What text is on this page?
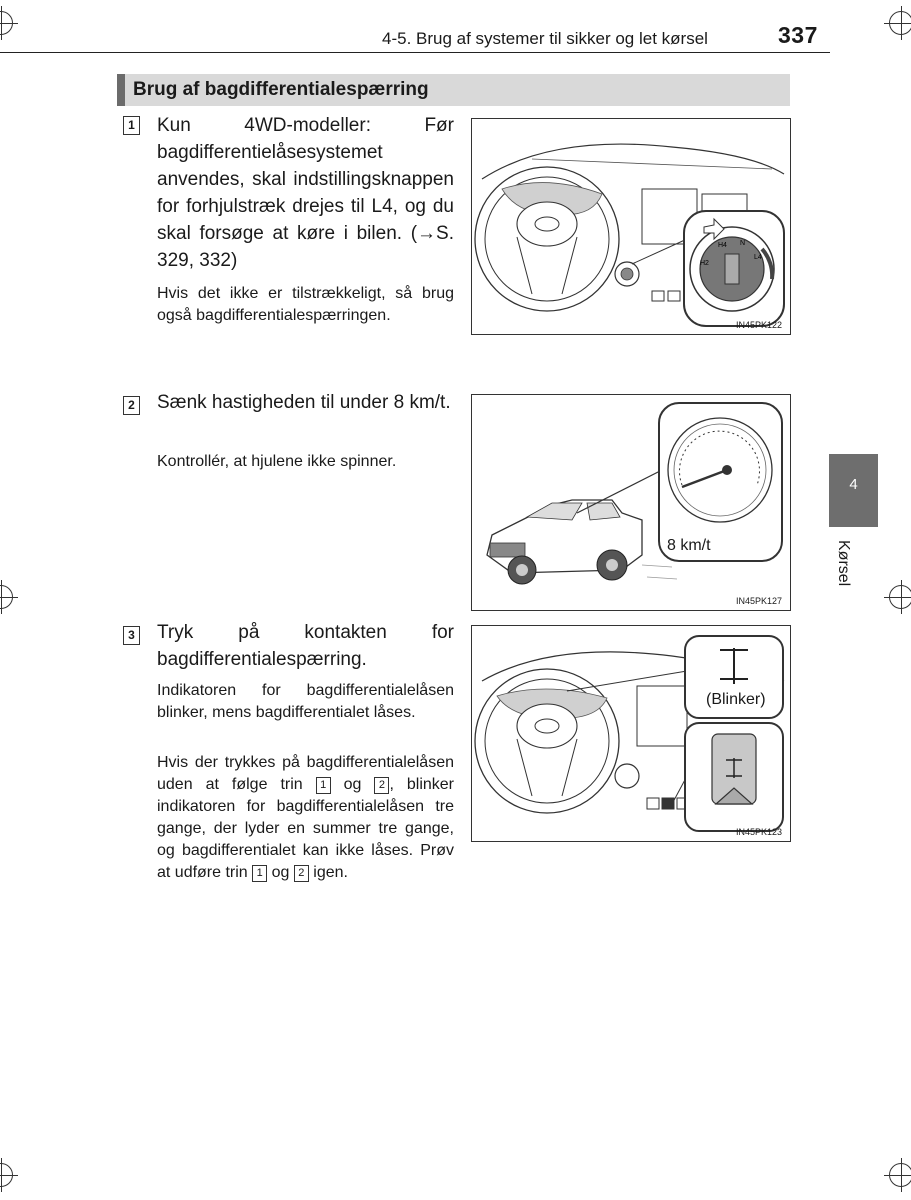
4-5. Brug af systemer til sikker og let kørsel	337
Brug af bagdifferentialespærring
1 Kun 4WD-modeller: Før bagdifferentielåsesystemet anvendes, skal indstillingsknappen for forhjulstræk drejes til L4, og du skal forsøge at køre i bilen. (→S. 329, 332)
Hvis det ikke er tilstrækkeligt, så brug også bagdifferentialespærringen.
H4 N
L4
H2
IN45PK122
2 Sænk hastigheden til under 8 km/t.
Kontrollér, at hjulene ikke spinner.
8 km/t
IN45PK127
3 Tryk på kontakten for bagdifferentialespærring.
Indikatoren for bagdifferentialelåsen blinker, mens bagdifferentialet låses.
Hvis der trykkes på bagdifferentialelåsen uden at følge trin 1 og 2 , blinker indikatoren for bagdifferentialelåsen tre gange, der lyder en summer tre gange, og bagdifferentialet kan ikke låses. Prøv at udføre trin 1 og 2 igen.
(Blinker)
IN45PK123
4
Kørsel
